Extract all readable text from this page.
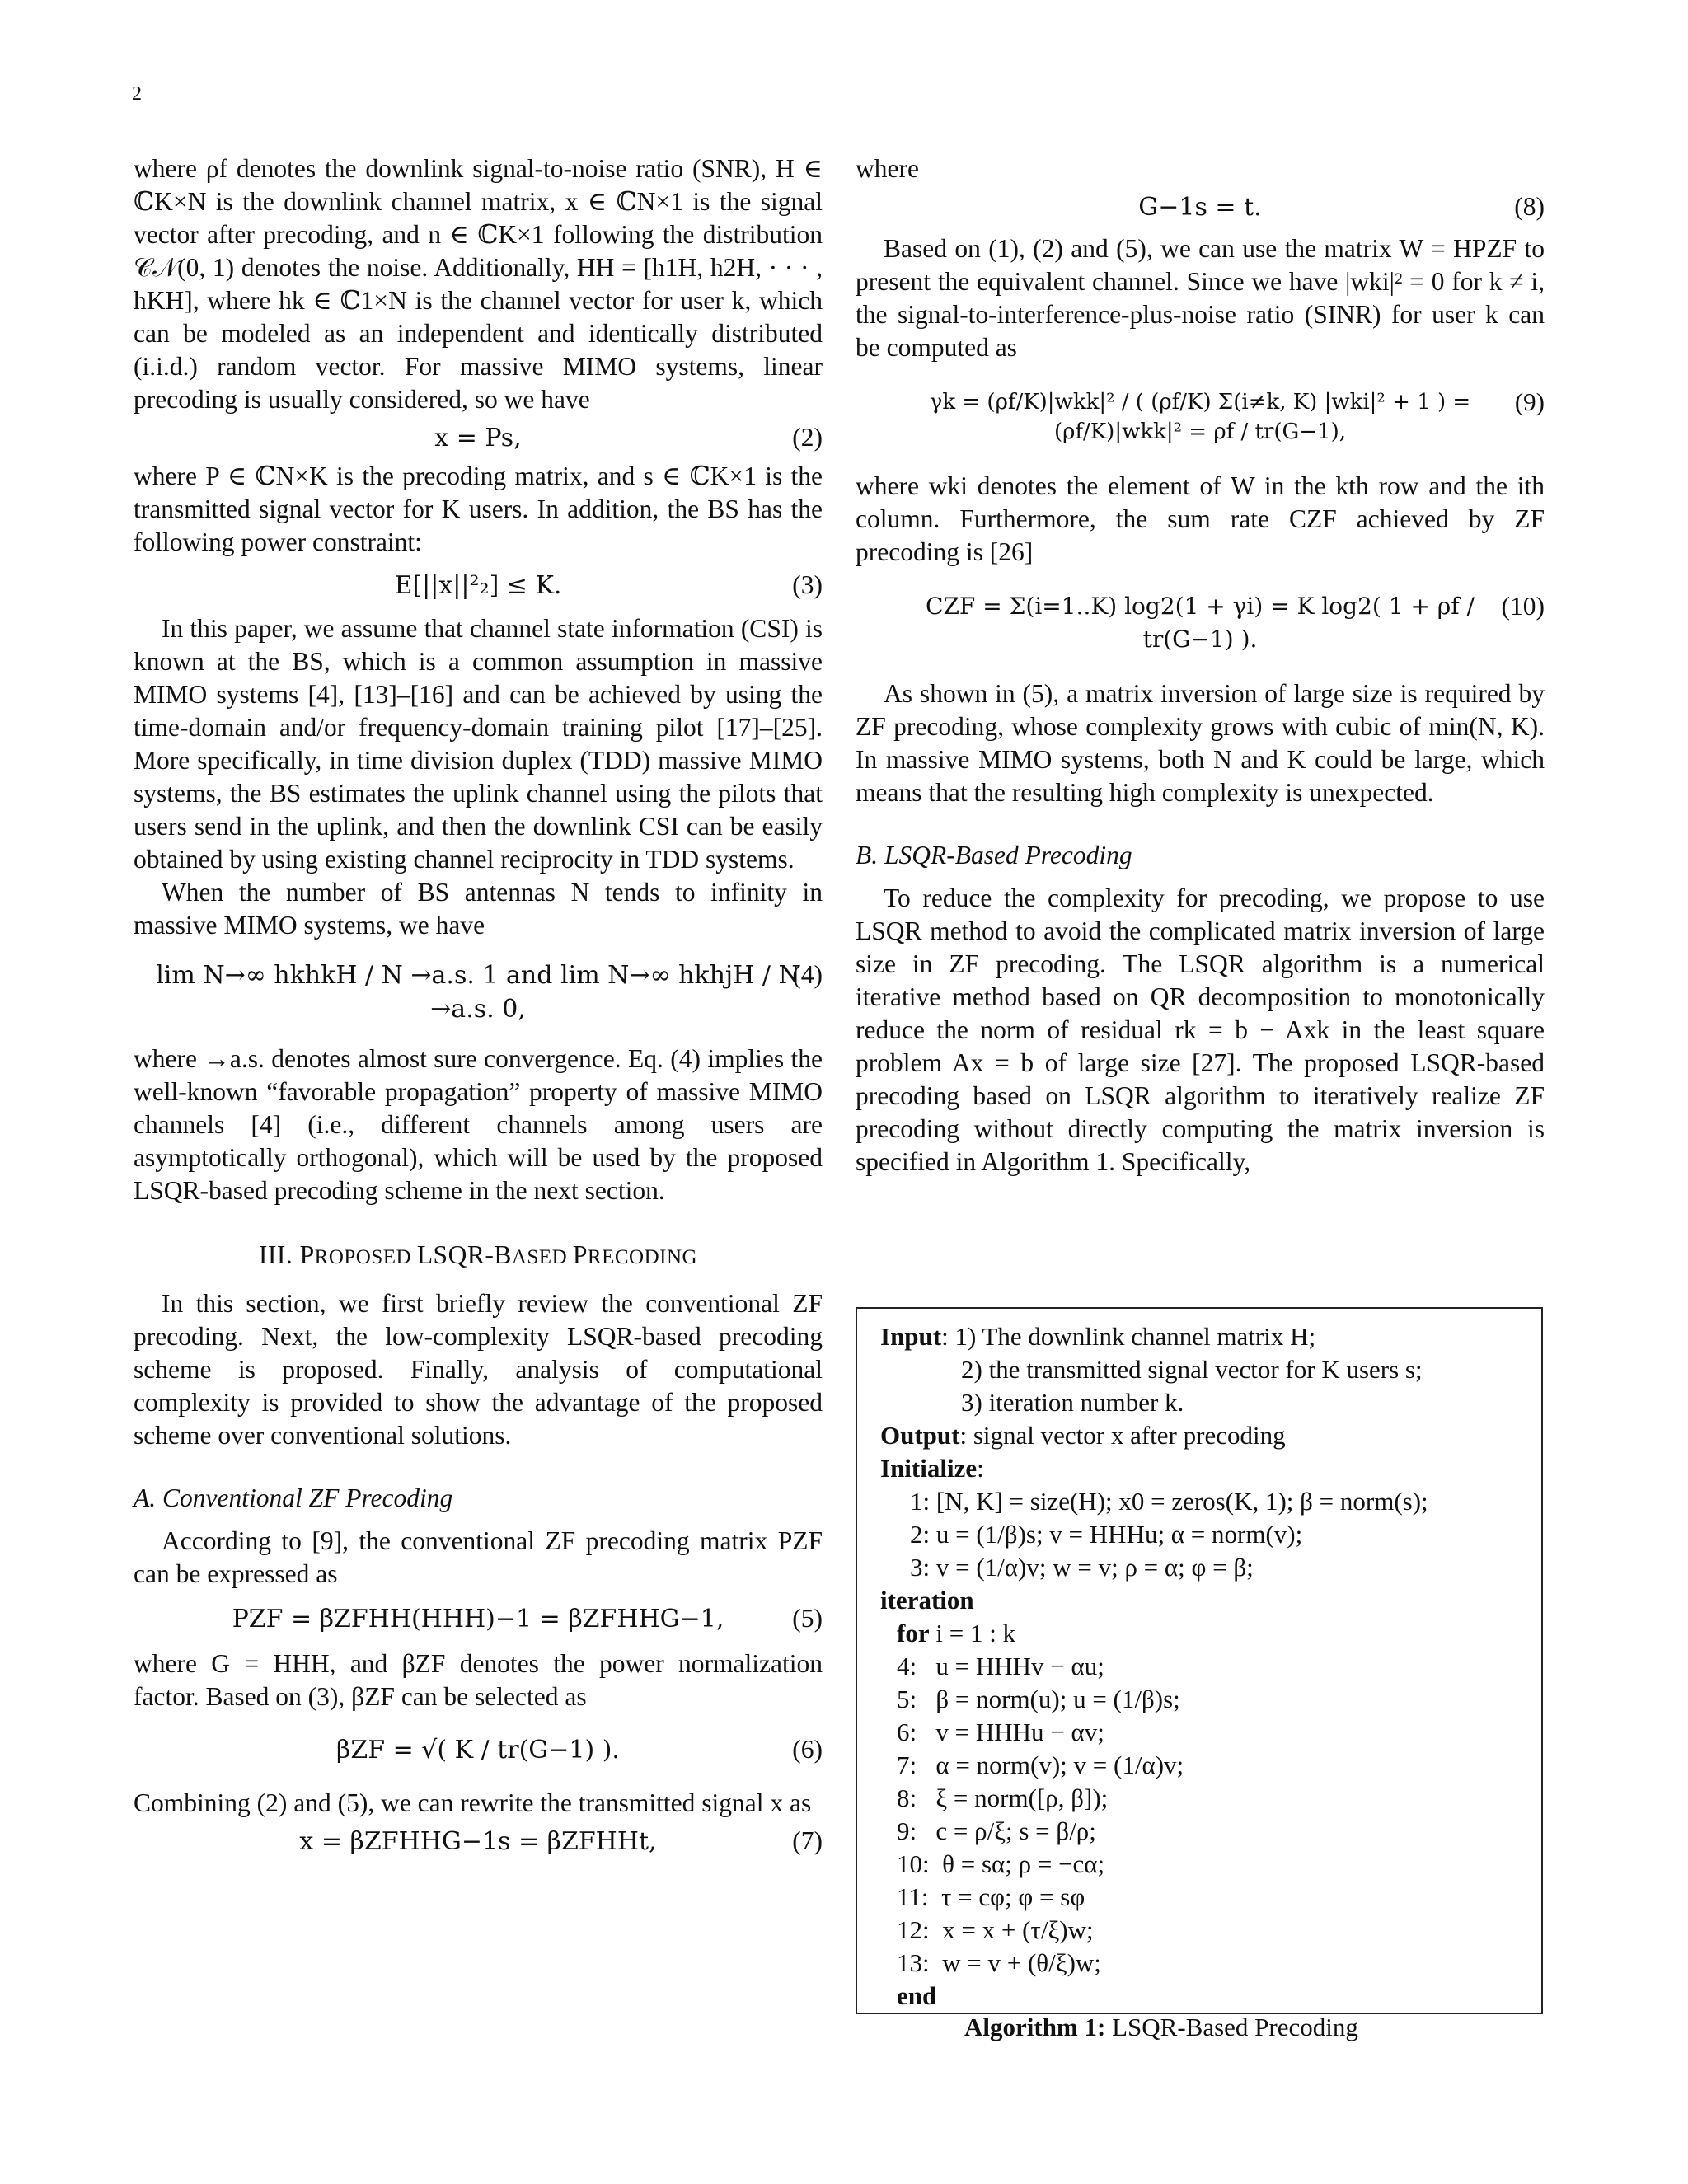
2

where ρf denotes the downlink signal-to-noise ratio (SNR), H ∈ ℂK×N is the downlink channel matrix, x ∈ ℂN×1 is the signal vector after precoding, and n ∈ ℂK×1 following the distribution 𝒞𝒩(0, 1) denotes the noise. Additionally, HH = [h1H, h2H, · · · , hKH], where hk ∈ ℂ1×N is the channel vector for user k, which can be modeled as an independent and identically distributed (i.i.d.) random vector. For massive MIMO systems, linear precoding is usually considered, so we have

x = Ps,	(2)

where P ∈ ℂN×K is the precoding matrix, and s ∈ ℂK×1 is the transmitted signal vector for K users. In addition, the BS has the following power constraint:

E[||x||²₂] ≤ K.	(3)

In this paper, we assume that channel state information (CSI) is known at the BS, which is a common assumption in massive MIMO systems [4], [13]–[16] and can be achieved by using the time-domain and/or frequency-domain training pilot [17]–[25]. More specifically, in time division duplex (TDD) massive MIMO systems, the BS estimates the uplink channel using the pilots that users send in the uplink, and then the downlink CSI can be easily obtained by using existing channel reciprocity in TDD systems.

When the number of BS antennas N tends to infinity in massive MIMO systems, we have

lim N→∞ hkhkH / N →a.s. 1 and lim N→∞ hkhjH / N →a.s. 0,
(4)

where →a.s. denotes almost sure convergence. Eq. (4) implies the well-known “favorable propagation” property of massive MIMO channels [4] (i.e., different channels among users are asymptotically orthogonal), which will be used by the proposed LSQR-based precoding scheme in the next section.

III. PROPOSED LSQR-BASED PRECODING

In this section, we first briefly review the conventional ZF precoding. Next, the low-complexity LSQR-based precoding scheme is proposed. Finally, analysis of computational complexity is provided to show the advantage of the proposed scheme over conventional solutions.

A. Conventional ZF Precoding

According to [9], the conventional ZF precoding matrix PZF can be expressed as

PZF = βZFHH(HHH)−1 = βZFHHG−1,	(5)

where G = HHH, and βZF denotes the power normalization factor. Based on (3), βZF can be selected as

βZF = √( K / tr(G−1) ).	(6)

Combining (2) and (5), we can rewrite the transmitted signal x as

x = βZFHHG−1s = βZFHHt,	(7)

where

G−1s = t.	(8)

Based on (1), (2) and (5), we can use the matrix W = HPZF to present the equivalent channel. Since we have |wki|² = 0 for k ≠ i, the signal-to-interference-plus-noise ratio (SINR) for user k can be computed as

γk = (ρf/K)|wkk|² / ( (ρf/K) Σ(i≠k, K) |wki|² + 1 ) = (ρf/K)|wkk|² = ρf / tr(G−1),
(9)

where wki denotes the element of W in the kth row and the ith column. Furthermore, the sum rate CZF achieved by ZF precoding is [26]

CZF = Σ(i=1..K) log2(1 + γi) = K log2( 1 + ρf / tr(G−1) ).
(10)

As shown in (5), a matrix inversion of large size is required by ZF precoding, whose complexity grows with cubic of min(N, K). In massive MIMO systems, both N and K could be large, which means that the resulting high complexity is unexpected.

B. LSQR-Based Precoding

To reduce the complexity for precoding, we propose to use LSQR method to avoid the complicated matrix inversion of large size in ZF precoding. The LSQR algorithm is a numerical iterative method based on QR decomposition to monotonically reduce the norm of residual rk = b − Axk in the least square problem Ax = b of large size [27]. The proposed LSQR-based precoding based on LSQR algorithm to iteratively realize ZF precoding without directly computing the matrix inversion is specified in Algorithm 1. Specifically,

Input: 1) The downlink channel matrix H;
2) the transmitted signal vector for K users s;
3) iteration number k.
Output: signal vector x after precoding
Initialize:
1: [N, K] = size(H); x0 = zeros(K, 1); β = norm(s);
2: u = (1/β)s; v = HHHu; α = norm(v);
3: v = (1/α)v; w = v; ρ = α; φ = β;
iteration
for i = 1 : k
4:   u = HHHv − αu;
5:   β = norm(u); u = (1/β)s;
6:   v = HHHu − αv;
7:   α = norm(v); v = (1/α)v;
8:   ξ = norm([ρ, β]);
9:   c = ρ/ξ; s = β/ρ;
10:  θ = sα; ρ = −cα;
11:  τ = cφ; φ = sφ
12:  x = x + (τ/ξ)w;
13:  w = v + (θ/ξ)w;
end
Algorithm 1: LSQR-Based Precoding
